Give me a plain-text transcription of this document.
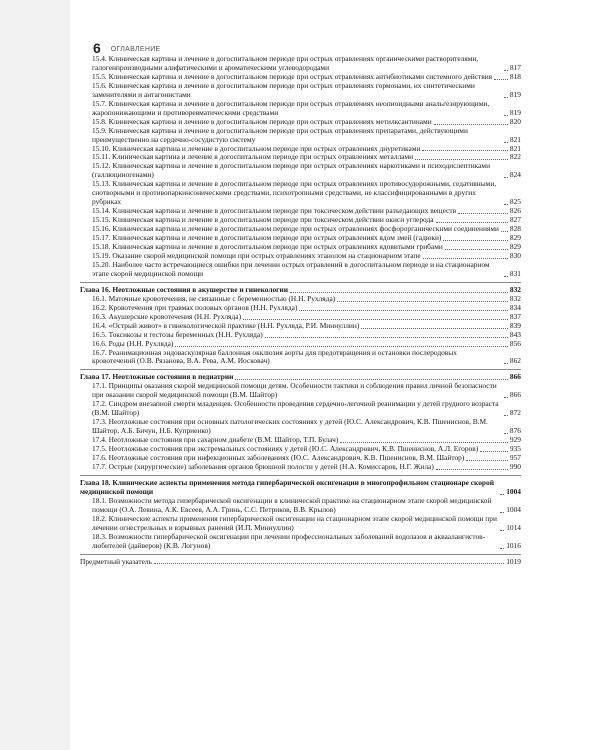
6 ОГЛАВЛЕНИЕ
15.4. Клиническая картина и лечение в догоспитальном периоде при острых отравлениях органическими растворителями, галогенпроизводными алифатическими и ароматическими углеводородами	817
15.5. Клиническая картина и лечение в догоспитальном периоде при острых отравлениях антибиотиками системного действия 818
15.6. Клиническая картина и лечение в догоспитальном периоде при острых отравлениях гормонами, их синтетическими заменителями и антагонистами	819
15.7. Клиническая картина и лечение в догоспитальном периоде при острых отравлениях неопиоидными анальгезирующими, жаропонижающими и противоревматическими средствами	819
15.8. Клиническая картина и лечение в догоспитальном периоде при острых отравлениях метилксантинами	820
15.9. Клиническая картина и лечение в догоспитальном периоде при острых отравлениях препаратами, действующими преимущественно на сердечно-сосудистую систему	821
15.10. Клиническая картина и лечение в догоспитальном периоде при острых отравлениях диуретиками	821
15.11. Клиническая картина и лечение в догоспитальном периоде при острых отравлениях металлами	822
15.12. Клиническая картина и лечение в догоспитальном периоде при острых отравлениях наркотиками и психодислептиками (галлюциногенами)	824
15.13. Клиническая картина и лечение в догоспитальном периоде при острых отравлениях противосудорожными, седативными, снотворными и противопаркинсоническими средствами, психотропными средствами, не классифицированными в других рубриках	825
15.14. Клиническая картина и лечение в догоспитальном периоде при токсическом действии разъедающих веществ	826
15.15. Клиническая картина и лечение в догоспитальном периоде при токсическом действии окиси углерода	827
15.16. Клиническая картина и лечение в догоспитальном периоде при острых отравлениях фосфорорганическими соединениями 828
15.17. Клиническая картина и лечение в догоспитальном периоде при острых отравлениях ядом змей (гадюки)	829
15.18. Клиническая картина и лечение в догоспитальном периоде при острых отравлениях ядовитыми грибами	829
15.19. Оказание скорой медицинской помощи при острых отравлениях этанолом на стационарном этапе	830
15.20. Наиболее часто встречающиеся ошибки при лечении острых отравлений в догоспитальном периоде и на стационарном этапе скорой медицинской помощи	831
Глава 16. Неотложные состояния в акушерстве и гинекологии	832
16.1. Маточные кровотечения, не связанные с беременностью (Н.Н. Рухляда)	832
16.2. Кровотечения при травмах половых органов (Н.Н. Рухляда)	834
16.3. Акушерские кровотечения (Н.Н. Рухляда)	837
16.4. «Острый живот» в гинекологической практике (Н.Н. Рухляда, Р.И. Миннуллин)	839
16.5. Токсикозы и гестозы беременных (Н.Н. Рухляда)	843
16.6. Роды (Н.Н. Рухляда)	856
16.7. Реанимационная эндоваскулярная баллонная окклюзия аорты для предотвращения и остановки послеродовых кровотечений (О.В. Рязанова, В.А. Рева, А.М. Иосковач)	862
Глава 17. Неотложные состояния в педиатрии	866
17.1. Принципы оказания скорой медицинской помощи детям. Особенности тактики и соблюдения правил личной безопасности при оказании скорой медицинской помощи (В.М. Шайтор)	866
17.2. Синдром внезапной смерти младенцев. Особенности проведения сердечно-легочной реанимации у детей грудного возраста (В.М. Шайтор)	872
17.3. Неотложные состояния при основных патологических состояниях у детей (Ю.С. Александрович, К.В. Пшениснов, В.М. Шайтор, А.Б. Бичун, Н.Б. Куприенко)	876
17.4. Неотложные состояния при сахарном диабете (В.М. Шайтор, Т.П. Булач)	929
17.5. Неотложные состояния при экстремальных состояниях у детей (Ю.С. Александрович, К.В. Пшениснов, А.Л. Егоров)	935
17.6. Неотложные состояния при инфекционных заболеваниях (Ю.С. Александрович, К.В. Пшениснов, В.М. Шайтор)	957
17.7. Острые (хирургические) заболевания органов брюшной полости у детей (Н.А. Комиссаров, Н.Г. Жила)	990
Глава 18. Клинические аспекты применения метода гипербарической оксигенации в многопрофильном стационаре скорой медицинской помощи	1004
18.1. Возможности метода гипербарической оксигенации в клинической практике на стационарном этапе скорой медицинской помощи (О.А. Левина, А.К. Евсеев, А.А. Гринь, С.С. Петриков, В.В. Крылов)	1004
18.2. Клинические аспекты применения гипербарической оксигенации на стационарном этапе скорой медицинской помощи при лечении огнестрельных и взрывных ранений (И.П. Миннуллин)	1014
18.3. Возможности гипербарической оксигенации при лечении профессиональных заболеваний водолазов и акваалангистов-любителей (дайверов) (К.В. Логунов)	1016
Предметный указатель	1019
